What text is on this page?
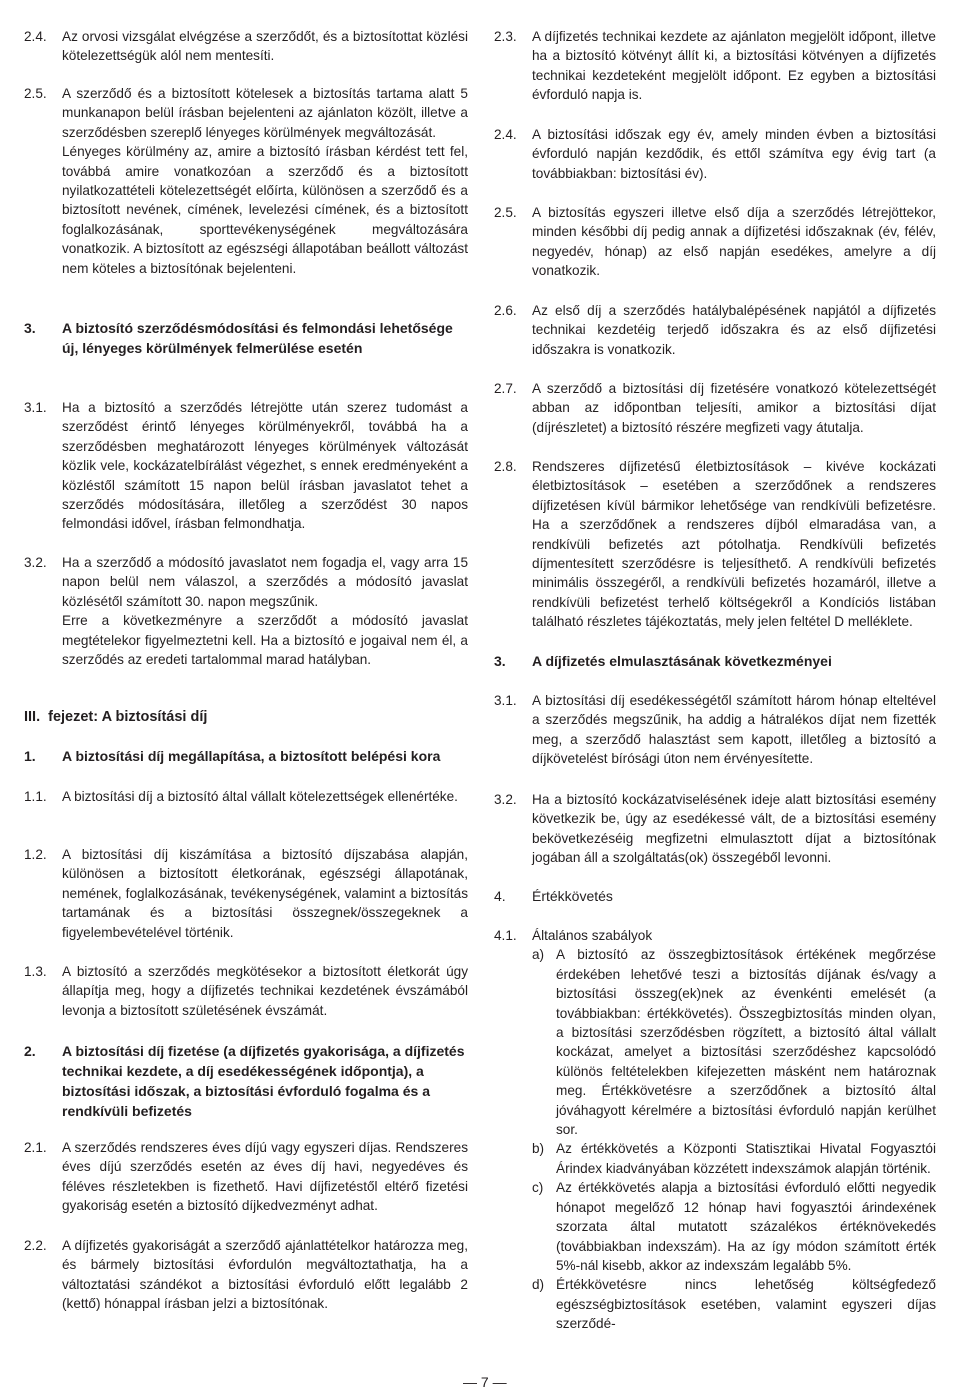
2.4. Az orvosi vizsgálat elvégzése a szerződőt, és a biztosítottat közlési kötelezettségük alól nem mentesíti.

2.5. A szerződő és a biztosított kötelesek a biztosítás tartama alatt 5 munkanapon belül írásban bejelenteni az ajánlaton közölt, illetve a szerződésben szereplő lényeges körülmények megváltozását.

Lényeges körülmény az, amire a biztosító írásban kérdést tett fel, továbbá amire vonatkozóan a szerződő és a biztosított nyilatkozattételi kötelezettségét előírta, különösen a szerződő és a biztosított nevének, címének, levelezési címének, és a biztosított foglalkozásának, sporttevékenységének megváltozására vonatkozik. A biztosított az egészségi állapotában beállott változást nem köteles a biztosítónak bejelenteni.

3. A biztosító szerződésmódosítási és felmondási lehetősége új, lényeges körülmények felmerülése esetén

3.1. Ha a biztosító a szerződés létrejötte után szerez tudomást a szerződést érintő lényeges körülményekről, továbbá ha a szerződésben meghatározott lényeges körülmények változását közlik vele, kockázatelbírálást végezhet, s ennek eredményeként a közléstől számított 15 napon belül írásban javaslatot tehet a szerződés módosítására, illetőleg a szerződést 30 napos felmondási idővel, írásban felmondhatja.

3.2. Ha a szerződő a módosító javaslatot nem fogadja el, vagy arra 15 napon belül nem válaszol, a szerződés a módosító javaslat közlésétől számított 30. napon megszűnik.

Erre a következményre a szerződőt a módosító javaslat megtételekor figyelmeztetni kell. Ha a biztosító e jogaival nem él, a szerződés az eredeti tartalommal marad hatályban.

III. fejezet: A biztosítási díj
1. A biztosítási díj megállapítása, a biztosított belépési kora

1.1. A biztosítási díj a biztosító által vállalt kötelezettségek ellenértéke.

1.2. A biztosítási díj kiszámítása a biztosító díjszabása alapján, különösen a biztosított életkorának, egészségi állapotának, nemének, foglalkozásának, tevékenységének, valamint a biztosítás tartamának és a biztosítási összegnek/összegeknek a figyelembevételével történik.

1.3. A biztosító a szerződés megkötésekor a biztosított életkorát úgy állapítja meg, hogy a díjfizetés technikai kezdetének évszámából levonja a biztosított születésének évszámát.

2. A biztosítási díj fizetése (a díjfizetés gyakorisága, a díjfizetés technikai kezdete, a díj esedékességének időpontja), a biztosítási időszak, a biztosítási évforduló fogalma és a rendkívüli befizetés

2.1. A szerződés rendszeres éves díjú vagy egyszeri díjas. Rendszeres éves díjú szerződés esetén az éves díj havi, negyedéves és féléves részletekben is fizethető. Havi díjfizetéstől eltérő fizetési gyakoriság esetén a biztosító díjkedvezményt adhat.

2.2. A díjfizetés gyakoriságát a szerződő ajánlattételkor határozza meg, és bármely biztosítási évfordulón megváltoztathatja, ha a változtatási szándékot a biztosítási évforduló előtt legalább 2 (kettő) hónappal írásban jelzi a biztosítónak.

2.3. A díjfizetés technikai kezdete az ajánlaton megjelölt időpont, illetve ha a biztosító kötvényt állít ki, a biztosítási kötvényen a díjfizetés technikai kezdeteként megjelölt időpont. Ez egyben a biztosítási évforduló napja is.

2.4. A biztosítási időszak egy év, amely minden évben a biztosítási évforduló napján kezdődik, és ettől számítva egy évig tart (a továbbiakban: biztosítási év).

2.5. A biztosítás egyszeri illetve első díja a szerződés létrejöttekor, minden későbbi díj pedig annak a díjfizetési időszaknak (év, félév, negyedév, hónap) az első napján esedékes, amelyre a díj vonatkozik.

2.6. Az első díj a szerződés hatálybalépésének napjától a díjfizetés technikai kezdetéig terjedő időszakra és az első díjfizetési időszakra is vonatkozik.

2.7. A szerződő a biztosítási díj fizetésére vonatkozó kötelezettségét abban az időpontban teljesíti, amikor a biztosítási díjat (díjrészletet) a biztosító részére megfizeti vagy átutalja.

2.8. Rendszeres díjfizetésű életbiztosítások – kivéve kockázati életbiztosítások – esetében a szerződőnek a rendszeres díjfizetésen kívül bármikor lehetősége van rendkívüli befizetésre. Ha a szerződőnek a rendszeres díjból elmaradása van, a rendkívüli befizetés azt pótolhatja. Rendkívüli befizetés díjmentesített szerződésre is teljesíthető. A rendkívüli befizetés minimális összegéről, a rendkívüli befizetés hozamáról, illetve a rendkívüli befizetést terhelő költségekről a Kondíciós listában található részletes tájékoztatás, mely jelen feltétel D melléklete.

3. A díjfizetés elmulasztásának következményei

3.1. A biztosítási díj esedékességétől számított három hónap elteltével a szerződés megszűnik, ha addig a hátralékos díjat nem fizették meg, a szerződő halasztást sem kapott, illetőleg a biztosító a díjkövetelést bírósági úton nem érvényesítette.

3.2. Ha a biztosító kockázatviselésének ideje alatt biztosítási esemény következik be, úgy az esedékessé vált, de a biztosítási esemény bekövetkezéséig megfizetni elmulasztott díjat a biztosítónak jogában áll a szolgáltatás(ok) összegéből levonni.

4. Értékkövetés

4.1. Általános szabályok

a) A biztosító az összegbiztosítások értékének megőrzése érdekében lehetővé teszi a biztosítás díjának és/vagy a biztosítási összeg(ek)nek az évenkénti emelését (a továbbiakban: értékkövetés). Összegbiztosítás minden olyan, a biztosítási szerződésben rögzített, a biztosító által vállalt kockázat, amelyet a biztosítási szerződéshez kapcsolódó különös feltételekben kifejezetten másként nem határoznak meg. Értékkövetésre a szerződőnek a biztosító által jóváhagyott kérelmére a biztosítási évforduló napján kerülhet sor.

b) Az értékkövetés a Központi Statisztikai Hivatal Fogyasztói Árindex kiadványában közzétett indexszámok alapján történik.

c) Az értékkövetés alapja a biztosítási évforduló előtti negyedik hónapot megelőző 12 hónap havi fogyasztói árindexének szorzata által mutatott százalékos értéknövekedés (továbbiakban indexszám). Ha az így módon számított érték 5%-nál kisebb, akkor az indexszám legalább 5%.

d) Értékkövetésre nincs lehetőség költségfedező egészségbiztosítások esetében, valamint egyszeri díjas szerződé-

— 7 —
